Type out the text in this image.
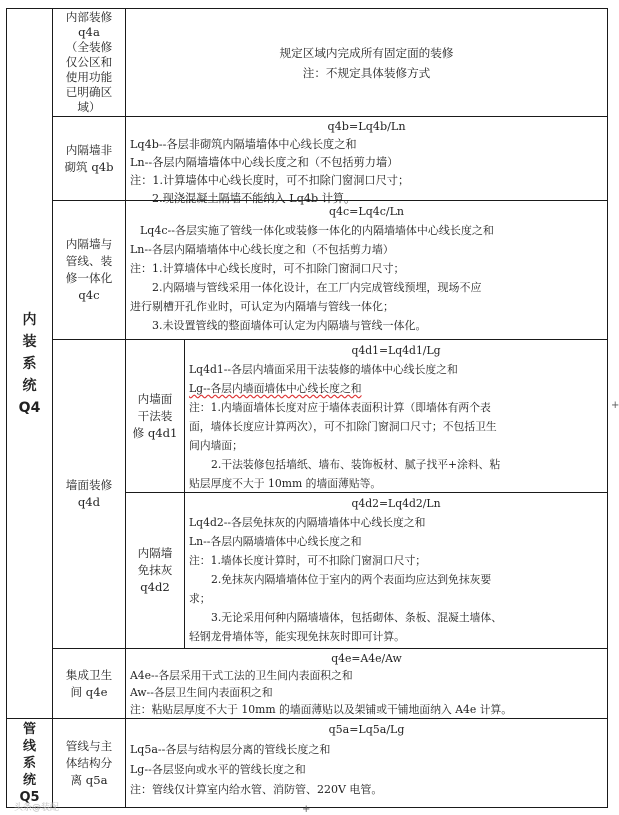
内
装
系
统
Q4
管
线
系
统
Q5
内部装修
q4a
（全装修
仅公区和
使用功能
已明确区
域）
规定区域内完成所有固定面的装修
注：不规定具体装修方式
内隔墙非
砌筑 q4b
q4b=Lq4b/Ln
Lq4b--各层非砌筑内隔墙墙体中心线长度之和
Ln--各层内隔墙墙体中心线长度之和（不包括剪力墙）
注：1.计算墙体中心线长度时，可不扣除门窗洞口尺寸；
2.现浇混凝土隔墙不能纳入 Lq4b 计算。
内隔墙与
管线、装
修一体化
q4c
q4c=Lq4c/Ln
Lq4c--各层实施了管线一体化或装修一体化的内隔墙墙体中心线长度之和
Ln--各层内隔墙墙体中心线长度之和（不包括剪力墙）
注：1.计算墙体中心线长度时，可不扣除门窗洞口尺寸；
2.内隔墙与管线采用一体化设计，在工厂内完成管线预埋，现场不应
进行剔槽开孔作业时，可认定为内隔墙与管线一体化；
3.未设置管线的整面墙体可认定为内隔墙与管线一体化。
墙面装修
q4d
内墙面
干法装
修 q4d1
q4d1=Lq4d1/Lg
Lq4d1--各层内墙面采用干法装修的墙体中心线长度之和
Lg--各层内墙面墙体中心线长度之和
注：1.内墙面墙体长度对应于墙体表面积计算（即墙体有两个表
面，墙体长度应计算两次），可不扣除门窗洞口尺寸；不包括卫生
间内墙面；
2.干法装修包括墙纸、墙布、装饰板材、腻子找平+涂料、粘
贴层厚度不大于 10mm 的墙面薄贴等。
内隔墙
免抹灰
q4d2
q4d2=Lq4d2/Ln
Lq4d2--各层免抹灰的内隔墙墙体中心线长度之和
Ln--各层内隔墙墙体中心线长度之和
注：1.墙体长度计算时，可不扣除门窗洞口尺寸；
2.免抹灰内隔墙墙体位于室内的两个表面均应达到免抹灰要
求；
3.无论采用何种内隔墙墙体，包括砌体、条板、混凝土墙体、
轻钢龙骨墙体等，能实现免抹灰时即可计算。
集成卫生
间 q4e
q4e=A4e/Aw
A4e--各层采用干式工法的卫生间内表面积之和
Aw--各层卫生间内表面积之和
注：粘贴层厚度不大于 10mm 的墙面薄贴以及架铺或干铺地面纳入 A4e 计算。
管线与主
体结构分
离 q5a
q5a=Lq5a/Lg
Lq5a--各层与结构层分离的管线长度之和
Lg--各层竖向或水平的管线长度之和
注：管线仅计算室内给水管、消防管、220V 电管。
+
+
头条@装配
